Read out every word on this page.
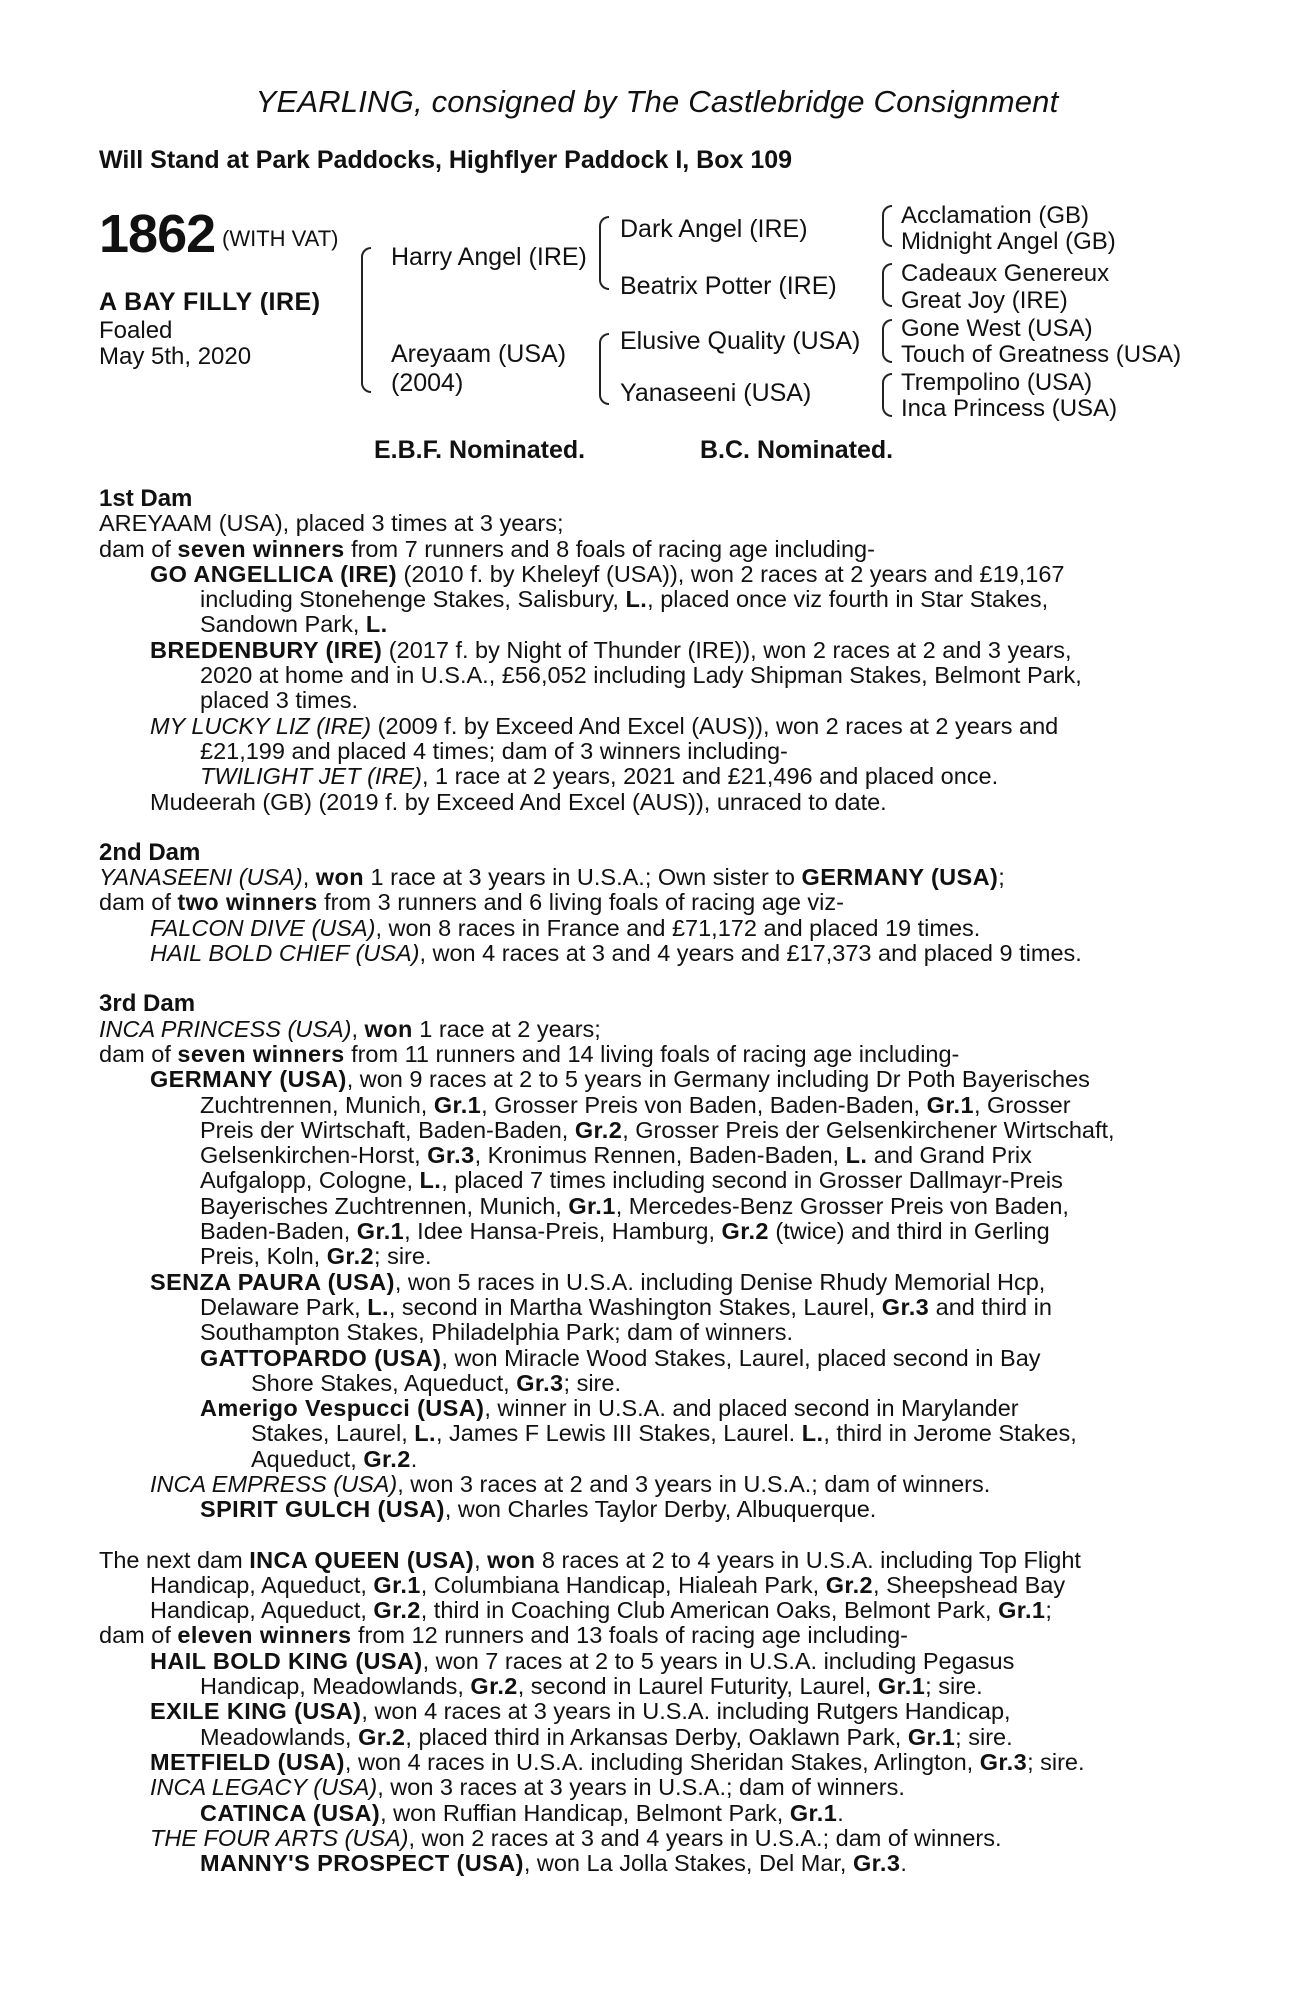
YEARLING, consigned by The Castlebridge Consignment
Will Stand at Park Paddocks, Highflyer Paddock I, Box 109
1862 (WITH VAT)
A BAY FILLY (IRE)
Foaled
May 5th, 2020
Harry Angel (IRE)
Areyaam (USA)
(2004)
Dark Angel (IRE)
Beatrix Potter (IRE)
Elusive Quality (USA)
Yanaseeni (USA)
Acclamation (GB)
Midnight Angel (GB)
Cadeaux Genereux
Great Joy (IRE)
Gone West (USA)
Touch of Greatness (USA)
Trempolino (USA)
Inca Princess (USA)
E.B.F. Nominated.	B.C. Nominated.
1st Dam
AREYAAM (USA), placed 3 times at 3 years;
dam of seven winners from 7 runners and 8 foals of racing age including-
GO ANGELLICA (IRE) (2010 f. by Kheleyf (USA)), won 2 races at 2 years and £19,167
including Stonehenge Stakes, Salisbury, L., placed once viz fourth in Star Stakes,
Sandown Park, L.
BREDENBURY (IRE) (2017 f. by Night of Thunder (IRE)), won 2 races at 2 and 3 years,
2020 at home and in U.S.A., £56,052 including Lady Shipman Stakes, Belmont Park,
placed 3 times.
MY LUCKY LIZ (IRE) (2009 f. by Exceed And Excel (AUS)), won 2 races at 2 years and
£21,199 and placed 4 times; dam of 3 winners including-
TWILIGHT JET (IRE), 1 race at 2 years, 2021 and £21,496 and placed once.
Mudeerah (GB) (2019 f. by Exceed And Excel (AUS)), unraced to date.
2nd Dam
YANASEENI (USA), won 1 race at 3 years in U.S.A.; Own sister to GERMANY (USA);
dam of two winners from 3 runners and 6 living foals of racing age viz-
FALCON DIVE (USA), won 8 races in France and £71,172 and placed 19 times.
HAIL BOLD CHIEF (USA), won 4 races at 3 and 4 years and £17,373 and placed 9 times.
3rd Dam
INCA PRINCESS (USA), won 1 race at 2 years;
dam of seven winners from 11 runners and 14 living foals of racing age including-
GERMANY (USA), won 9 races at 2 to 5 years in Germany including Dr Poth Bayerisches
Zuchtrennen, Munich, Gr.1, Grosser Preis von Baden, Baden-Baden, Gr.1, Grosser
Preis der Wirtschaft, Baden-Baden, Gr.2, Grosser Preis der Gelsenkirchener Wirtschaft,
Gelsenkirchen-Horst, Gr.3, Kronimus Rennen, Baden-Baden, L. and Grand Prix
Aufgalopp, Cologne, L., placed 7 times including second in Grosser Dallmayr-Preis
Bayerisches Zuchtrennen, Munich, Gr.1, Mercedes-Benz Grosser Preis von Baden,
Baden-Baden, Gr.1, Idee Hansa-Preis, Hamburg, Gr.2 (twice) and third in Gerling
Preis, Koln, Gr.2; sire.
SENZA PAURA (USA), won 5 races in U.S.A. including Denise Rhudy Memorial Hcp,
Delaware Park, L., second in Martha Washington Stakes, Laurel, Gr.3 and third in
Southampton Stakes, Philadelphia Park; dam of winners.
GATTOPARDO (USA), won Miracle Wood Stakes, Laurel, placed second in Bay
Shore Stakes, Aqueduct, Gr.3; sire.
Amerigo Vespucci (USA), winner in U.S.A. and placed second in Marylander
Stakes, Laurel, L., James F Lewis III Stakes, Laurel. L., third in Jerome Stakes,
Aqueduct, Gr.2.
INCA EMPRESS (USA), won 3 races at 2 and 3 years in U.S.A.; dam of winners.
SPIRIT GULCH (USA), won Charles Taylor Derby, Albuquerque.
The next dam INCA QUEEN (USA), won 8 races at 2 to 4 years in U.S.A. including Top Flight
Handicap, Aqueduct, Gr.1, Columbiana Handicap, Hialeah Park, Gr.2, Sheepshead Bay
Handicap, Aqueduct, Gr.2, third in Coaching Club American Oaks, Belmont Park, Gr.1;
dam of eleven winners from 12 runners and 13 foals of racing age including-
HAIL BOLD KING (USA), won 7 races at 2 to 5 years in U.S.A. including Pegasus
Handicap, Meadowlands, Gr.2, second in Laurel Futurity, Laurel, Gr.1; sire.
EXILE KING (USA), won 4 races at 3 years in U.S.A. including Rutgers Handicap,
Meadowlands, Gr.2, placed third in Arkansas Derby, Oaklawn Park, Gr.1; sire.
METFIELD (USA), won 4 races in U.S.A. including Sheridan Stakes, Arlington, Gr.3; sire.
INCA LEGACY (USA), won 3 races at 3 years in U.S.A.; dam of winners.
CATINCA (USA), won Ruffian Handicap, Belmont Park, Gr.1.
THE FOUR ARTS (USA), won 2 races at 3 and 4 years in U.S.A.; dam of winners.
MANNY'S PROSPECT (USA), won La Jolla Stakes, Del Mar, Gr.3.
